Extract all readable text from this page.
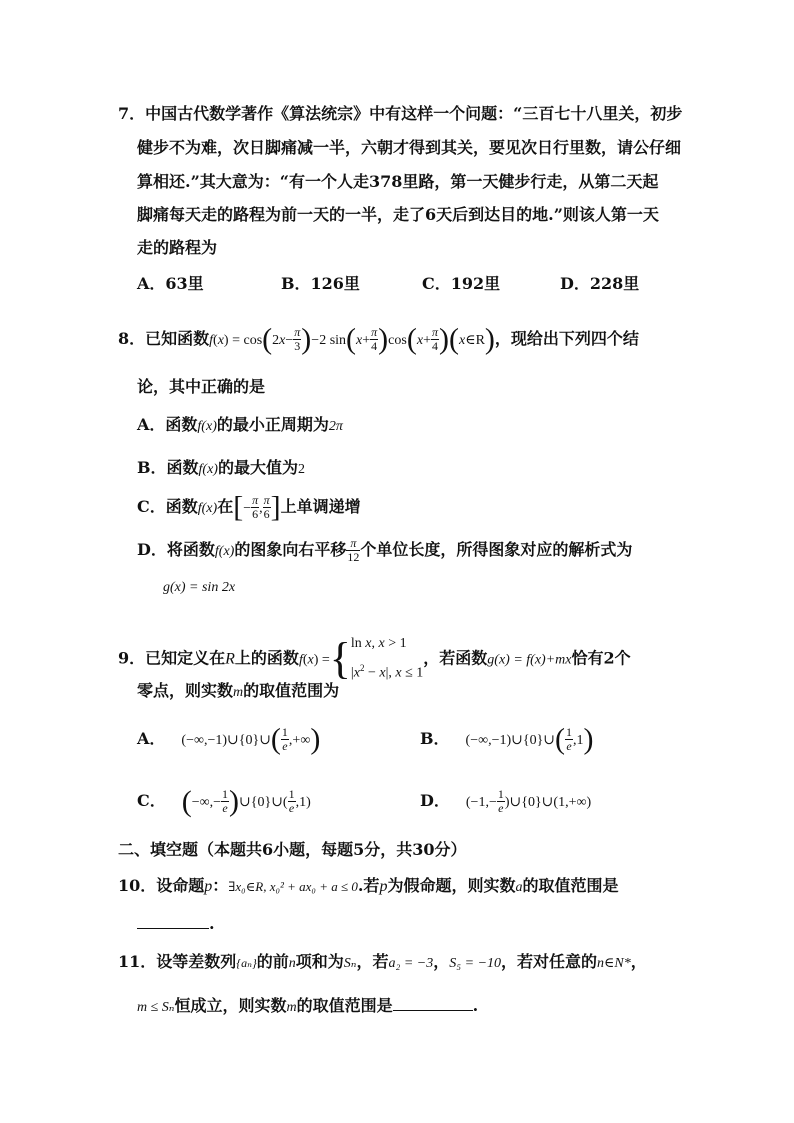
7．中国古代数学著作《算法统宗》中有这样一个问题：“三百七十八里关，初步
健步不为难，次日脚痛减一半，六朝才得到其关，要见次日行里数，请公仔细
算相还.”其大意为：“有一个人走378里路，第一天健步行走，从第二天起
脚痛每天走的路程为前一天的一半，走了6天后到达目的地.”则该人第一天
走的路程为
A．63里	B．126里	C．192里	D．228里
8．已知函数$f(x) = \cos(2x- \frac{\pi}{3} )-2$ $\sin(x+ \frac{\pi}{4} )\cos(x+ \frac{\pi}{4}$ )(x∈R)，现给出下列四个结
论，其中正确的是
A．函数f(x)的最小正周期为2π
B．函数f(x)的最大值为2
C．函数f(x)在[− $\frac{\pi}{6}$ , $\frac{\pi}{6}$ ]上单调递增
D．将函数f(x)的图象向右平移 $\frac{\pi}{12}$ 个单位长度，所得图象对应的解析式为
g(x) = sin 2x
9．已知定义在R上的函数f(x) ={ ln x, x > 1
$|x^2 - x|$, x ≤ 1
，若函数g(x) = f(x)+mx恰有2个
零点，则实数m的取值范围为
A． (−∞,−1)∪{0}∪( $\frac{1}{e}$ ,+∞)	B． (−∞,−1)∪{0}∪( $\frac{1}{e} ,1$)
C． (−∞,− $\frac{1}{e}$ )∪{0}∪( $\frac{1}{e} ,1$)	D． ($-1,- \frac{1}{e}$ )∪{0}∪(1,+∞)
二、填空题（本题共6小题，每题5分，共30分）
10．设命题p：∃x₀∈R, x₀² + ax₀ + a ≤ 0.若p为假命题，则实数a的取值范围是
.
11．设等差数列{aₙ}的前n项和为Sₙ，若a₂ = −3，S₅ = −10，若对任意的n∈N*，
m ≤ Sₙ恒成立，则实数m的取值范围是	.
